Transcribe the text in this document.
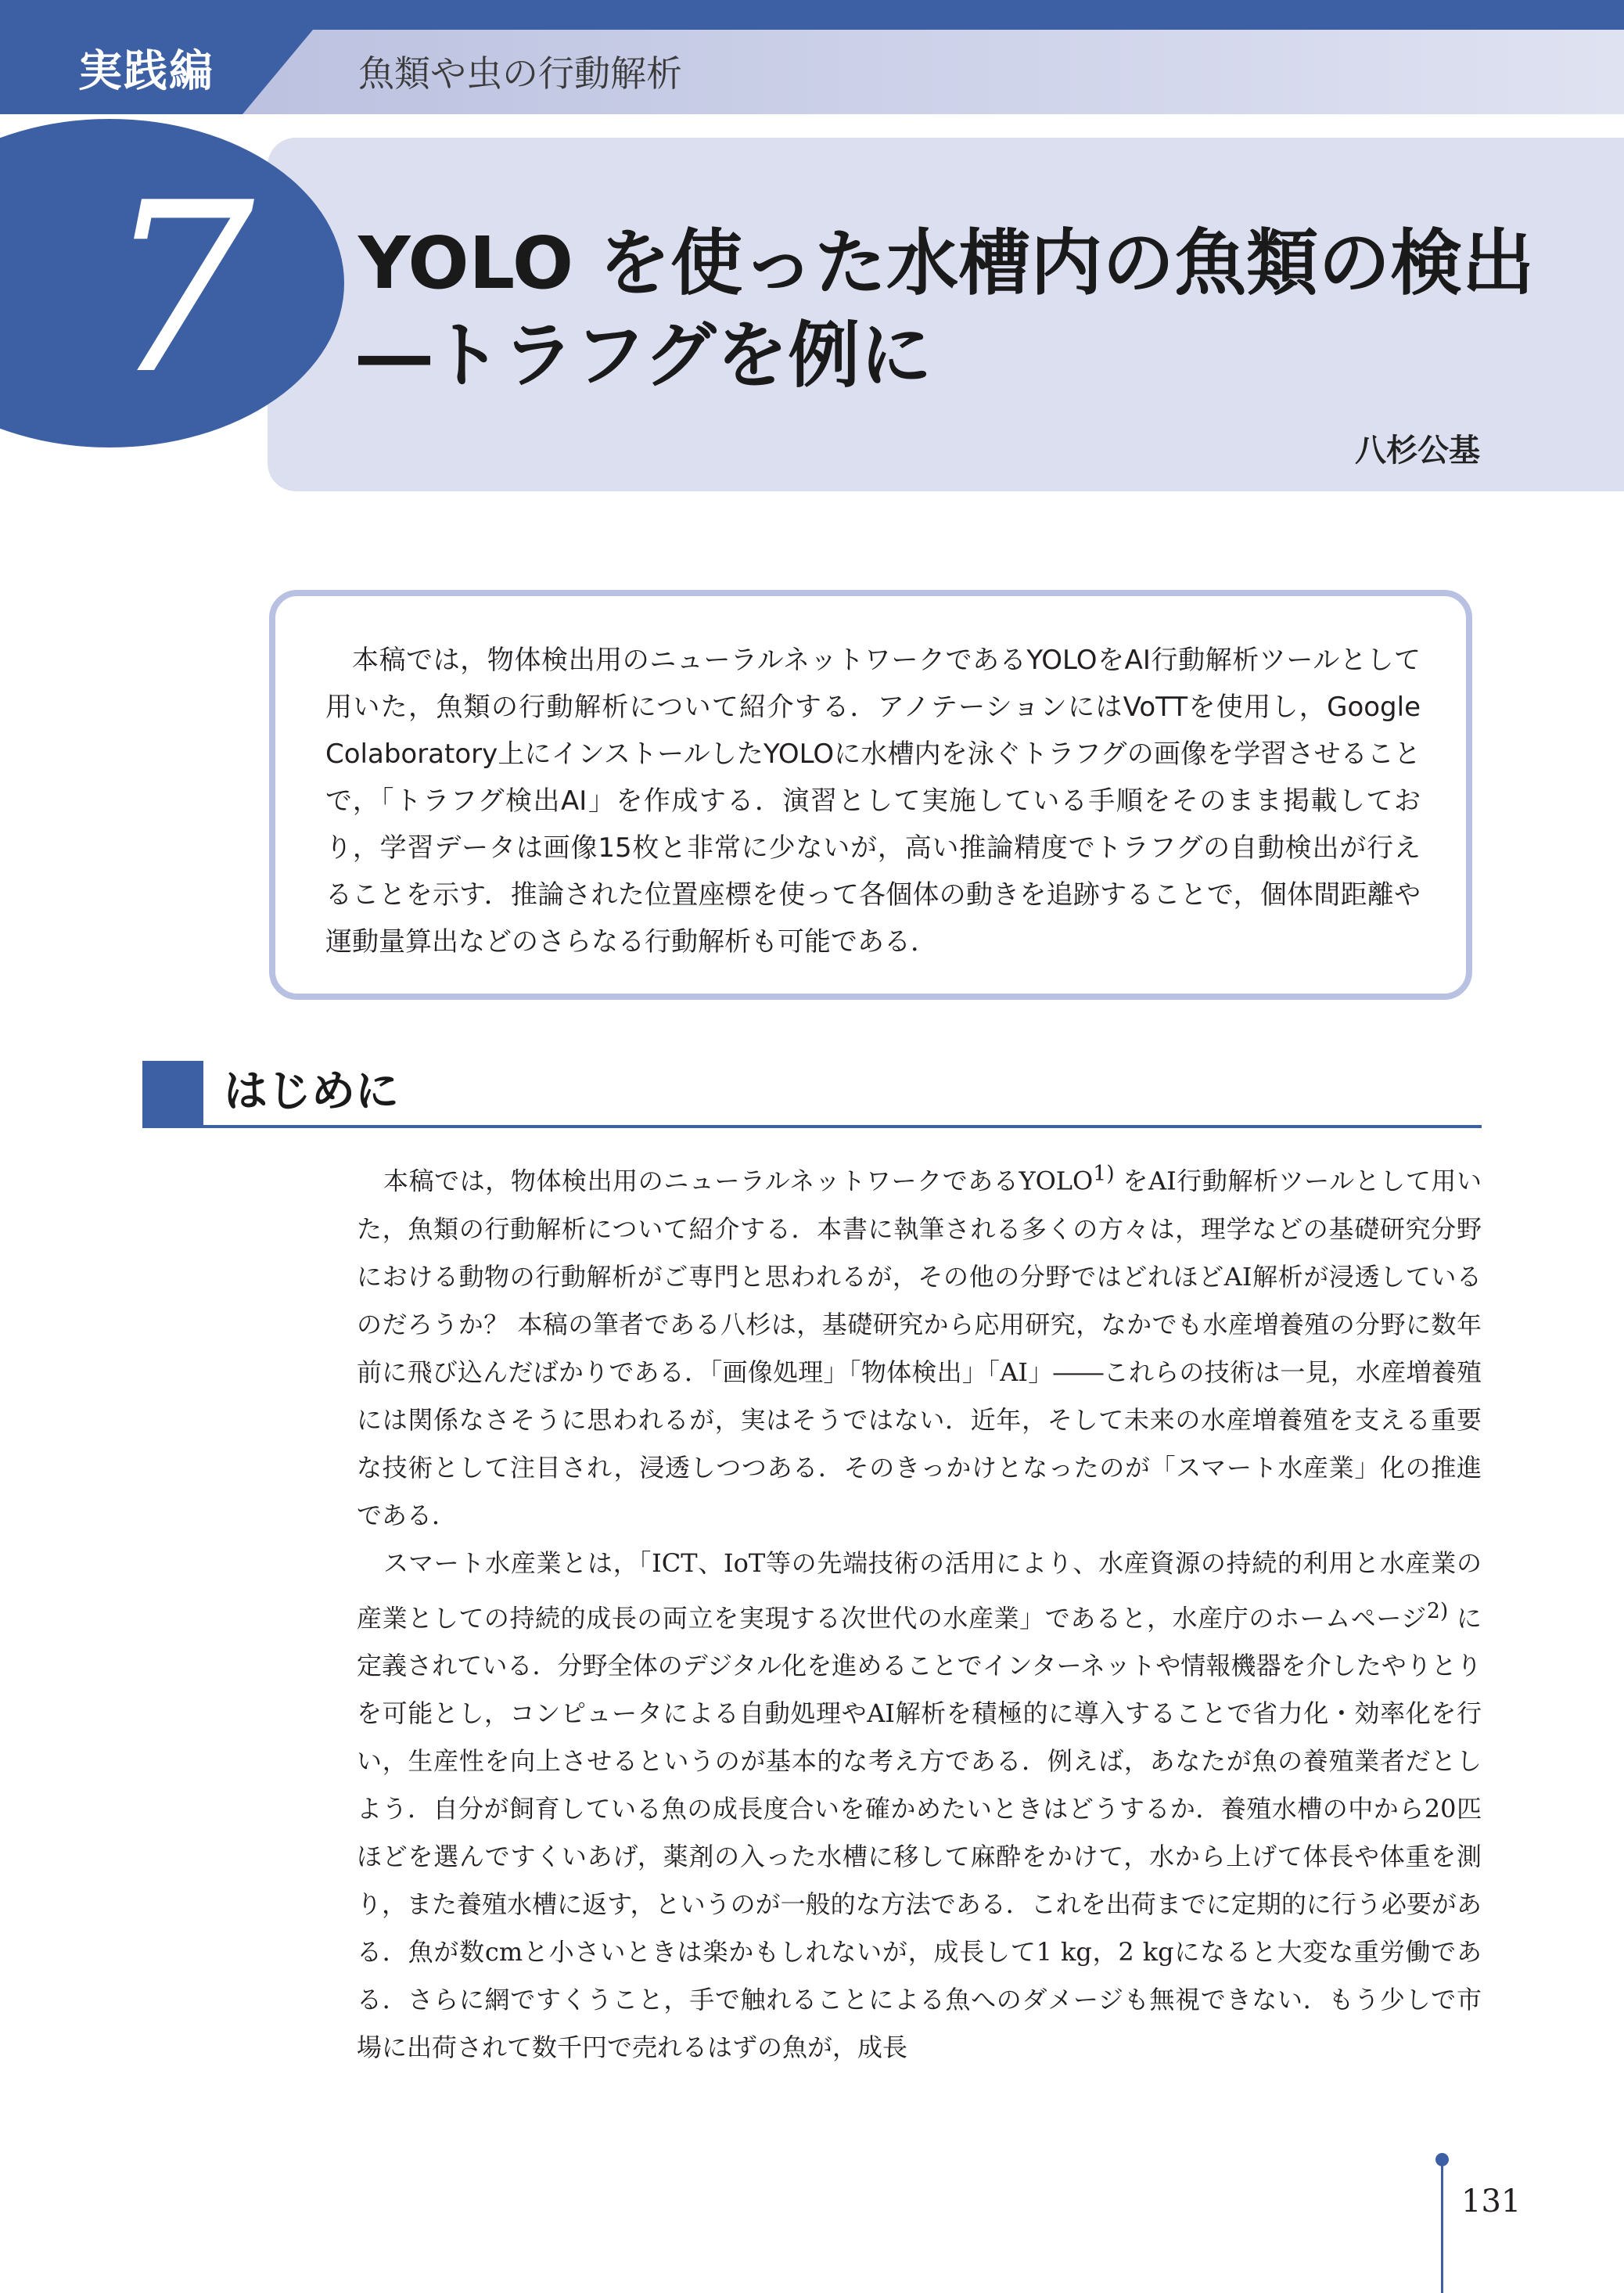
実践編	魚類や虫の行動解析
7 YOLO を使った水槽内の魚類の検出―トラフグを例に
八杉公基

本稿では，物体検出用のニューラルネットワークであるYOLOをAI行動解析ツールとして用いた，魚類の行動解析について紹介する．アノテーションにはVoTTを使用し，Google Colaboratory上にインストールしたYOLOに水槽内を泳ぐトラフグの画像を学習させることで，「トラフグ検出AI」を作成する．演習として実施している手順をそのまま掲載しており，学習データは画像15枚と非常に少ないが，高い推論精度でトラフグの自動検出が行えることを示す．推論された位置座標を使って各個体の動きを追跡することで，個体間距離や運動量算出などのさらなる行動解析も可能である．

はじめに

本稿では，物体検出用のニューラルネットワークであるYOLO$^{1)}$ をAI行動解析ツールとして用いた，魚類の行動解析について紹介する．本書に執筆される多くの方々は，理学などの基礎研究分野における動物の行動解析がご専門と思われるが，その他の分野ではどれほどAI解析が浸透しているのだろうか？ 本稿の筆者である八杉は，基礎研究から応用研究，なかでも水産増養殖の分野に数年前に飛び込んだばかりである．「画像処理」「物体検出」「AI」――これらの技術は一見，水産増養殖には関係なさそうに思われるが，実はそうではない．近年，そして未来の水産増養殖を支える重要な技術として注目され，浸透しつつある．そのきっかけとなったのが「スマート水産業」化の推進である．

スマート水産業とは，「ICT、IoT等の先端技術の活用により、水産資源の持続的利用と水産業の産業としての持続的成長の両立を実現する次世代の水産業」であると，水産庁のホームページ$^{2)}$ に定義されている．分野全体のデジタル化を進めることでインターネットや情報機器を介したやりとりを可能とし，コンピュータによる自動処理やAI解析を積極的に導入することで省力化・効率化を行い，生産性を向上させるというのが基本的な考え方である．例えば，あなたが魚の養殖業者だとしよう．自分が飼育している魚の成長度合いを確かめたいときはどうするか．養殖水槽の中から20匹ほどを選んですくいあげ，薬剤の入った水槽に移して麻酔をかけて，水から上げて体長や体重を測り，また養殖水槽に返す，というのが一般的な方法である．これを出荷までに定期的に行う必要がある．魚が数cmと小さいときは楽かもしれないが，成長して1 kg，2 kgになると大変な重労働である．さらに網ですくうこと，手で触れることによる魚へのダメージも無視できない．もう少しで市場に出荷されて数千円で売れるはずの魚が，成長

131
